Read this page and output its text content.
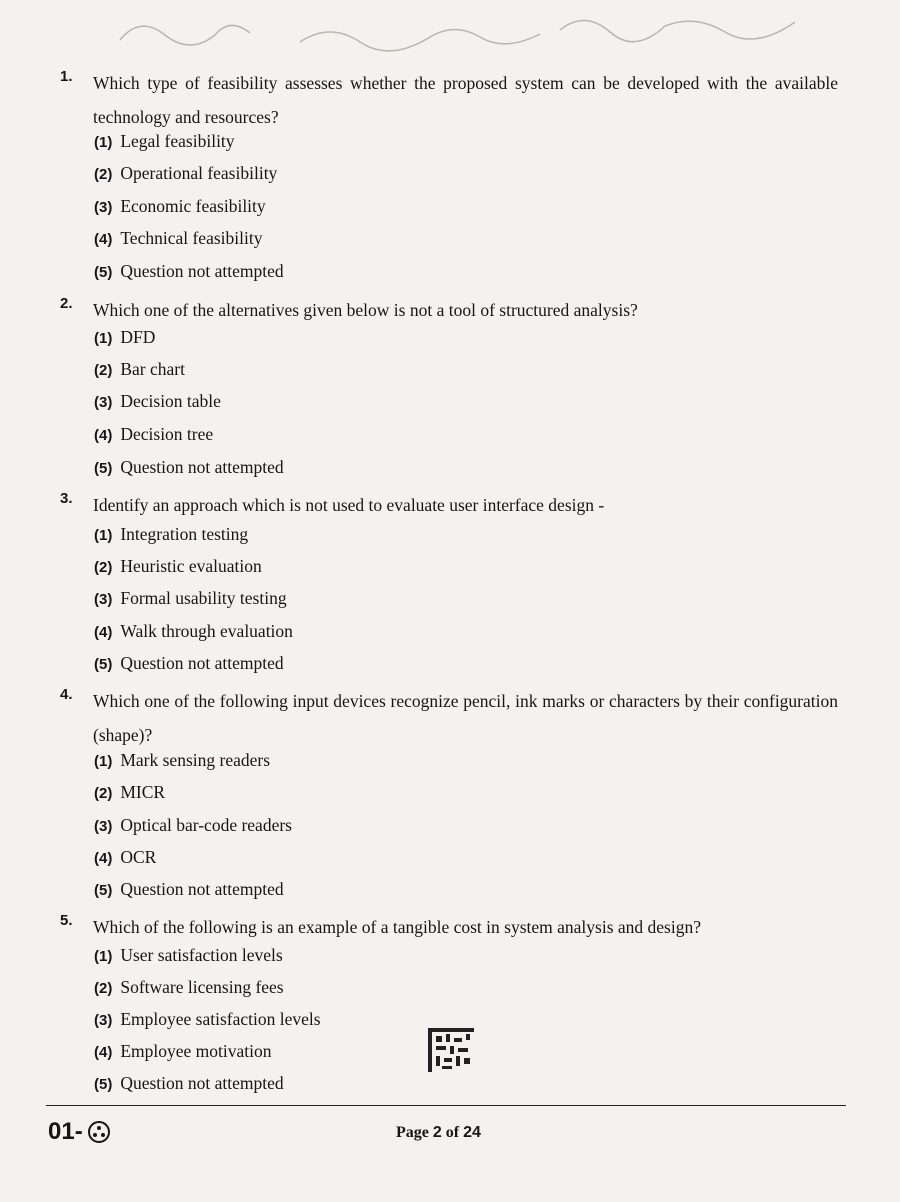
1. Which type of feasibility assesses whether the proposed system can be developed with the available technology and resources?
(1) Legal feasibility
(2) Operational feasibility
(3) Economic feasibility
(4) Technical feasibility
(5) Question not attempted
2. Which one of the alternatives given below is not a tool of structured analysis?
(1) DFD
(2) Bar chart
(3) Decision table
(4) Decision tree
(5) Question not attempted
3. Identify an approach which is not used to evaluate user interface design -
(1) Integration testing
(2) Heuristic evaluation
(3) Formal usability testing
(4) Walk through evaluation
(5) Question not attempted
4. Which one of the following input devices recognize pencil, ink marks or characters by their configuration (shape)?
(1) Mark sensing readers
(2) MICR
(3) Optical bar-code readers
(4) OCR
(5) Question not attempted
5. Which of the following is an example of a tangible cost in system analysis and design?
(1) User satisfaction levels
(2) Software licensing fees
(3) Employee satisfaction levels
(4) Employee motivation
(5) Question not attempted
01-	Page 2 of 24
